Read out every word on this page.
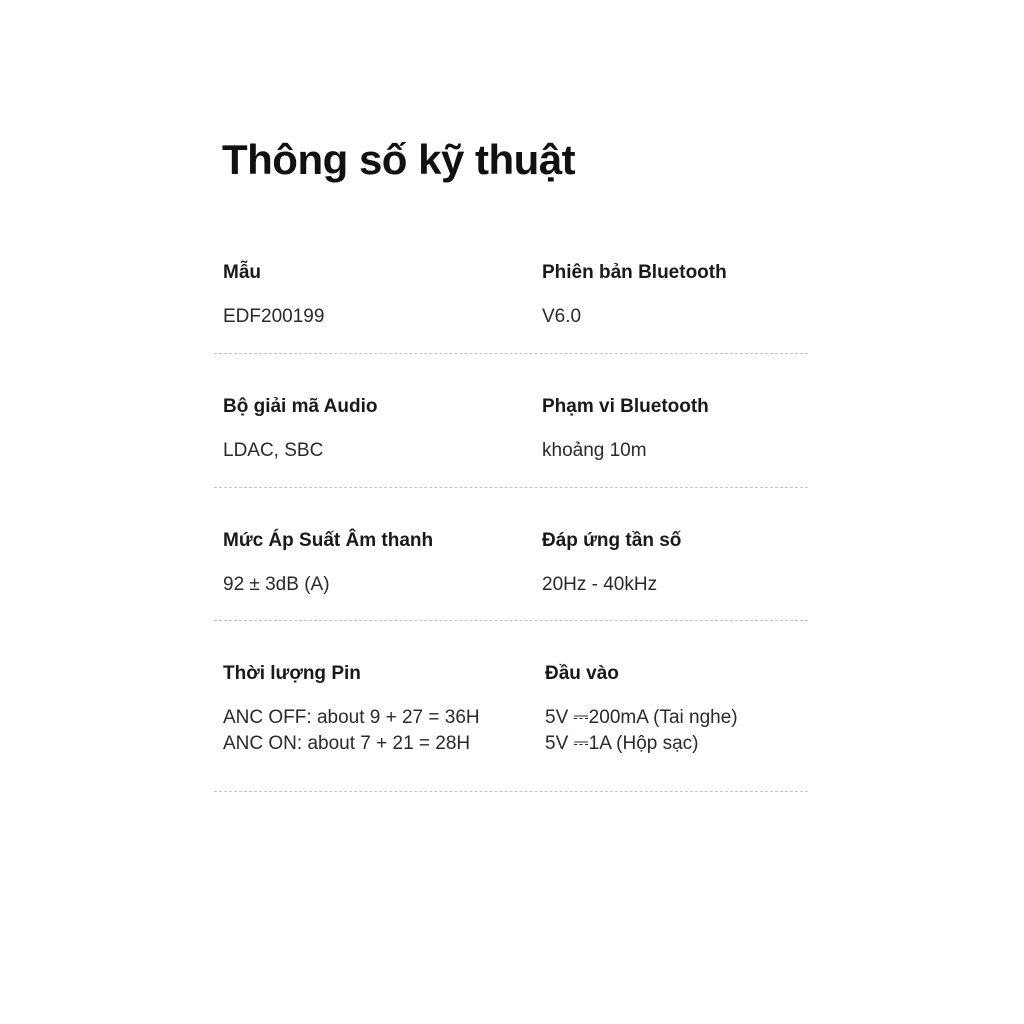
Thông số kỹ thuật
Mẫu
EDF200199
Phiên bản Bluetooth
V6.0
Bộ giải mã Audio
LDAC, SBC
Phạm vi Bluetooth
khoảng 10m
Mức Áp Suất Âm thanh
92 ± 3dB (A)
Đáp ứng tần số
20Hz - 40kHz
Thời lượng Pin
ANC OFF: about 9 + 27 = 36H
ANC ON: about 7 + 21 = 28H
Đầu vào
5V ⎓200mA (Tai nghe)
5V ⎓1A (Hộp sạc)
